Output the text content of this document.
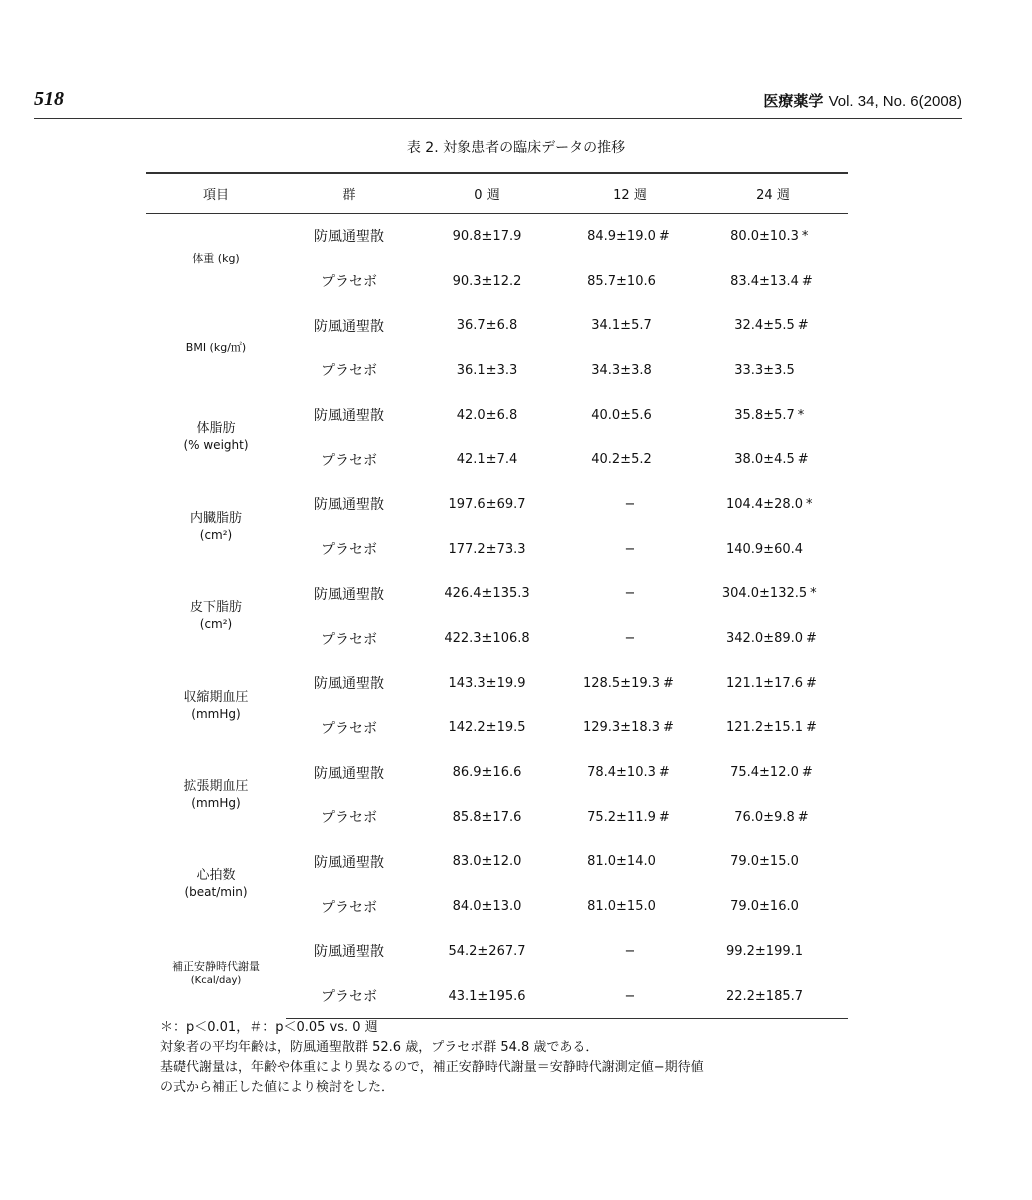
518	医療薬学 Vol. 34, No. 6(2008)
表 2. 対象患者の臨床データの推移
項目	群	0 週	12 週	24 週
体重 (kg)	防風通聖散	90.8±17.9	84.9±19.0 #	80.0±10.3 *
	プラセボ	90.3±12.2	85.7±10.6	83.4±13.4 #
BMI (kg/㎡)	防風通聖散	36.7±6.8	34.1±5.7	32.4±5.5 #
	プラセボ	36.1±3.3	34.3±3.8	33.3±3.5
体脂肪
(% weight)	防風通聖散	42.0±6.8	40.0±5.6	35.8±5.7 *
	プラセボ	42.1±7.4	40.2±5.2	38.0±4.5 #
内臓脂肪
(cm²)	防風通聖散	197.6±69.7	−	104.4±28.0 *
	プラセボ	177.2±73.3	−	140.9±60.4
皮下脂肪
(cm²)	防風通聖散	426.4±135.3	−	304.0±132.5 *
	プラセボ	422.3±106.8	−	342.0±89.0 #
収縮期血圧
(mmHg)	防風通聖散	143.3±19.9	128.5±19.3 #	121.1±17.6 #
	プラセボ	142.2±19.5	129.3±18.3 #	121.2±15.1 #
拡張期血圧
(mmHg)	防風通聖散	86.9±16.6	78.4±10.3 #	75.4±12.0 #
	プラセボ	85.8±17.6	75.2±11.9 #	76.0±9.8 #
心拍数
(beat/min)	防風通聖散	83.0±12.0	81.0±14.0	79.0±15.0
	プラセボ	84.0±13.0	81.0±15.0	79.0±16.0
補正安静時代謝量
(Kcal/day)	防風通聖散	54.2±267.7	−	99.2±199.1
	プラセボ	43.1±195.6	−	22.2±185.7
＊：p＜0.01，＃：p＜0.05 vs. 0 週
対象者の平均年齢は，防風通聖散群 52.6 歳，プラセボ群 54.8 歳である．
基礎代謝量は，年齢や体重により異なるので，補正安静時代謝量＝安静時代謝測定値−期待値
の式から補正した値により検討をした．
